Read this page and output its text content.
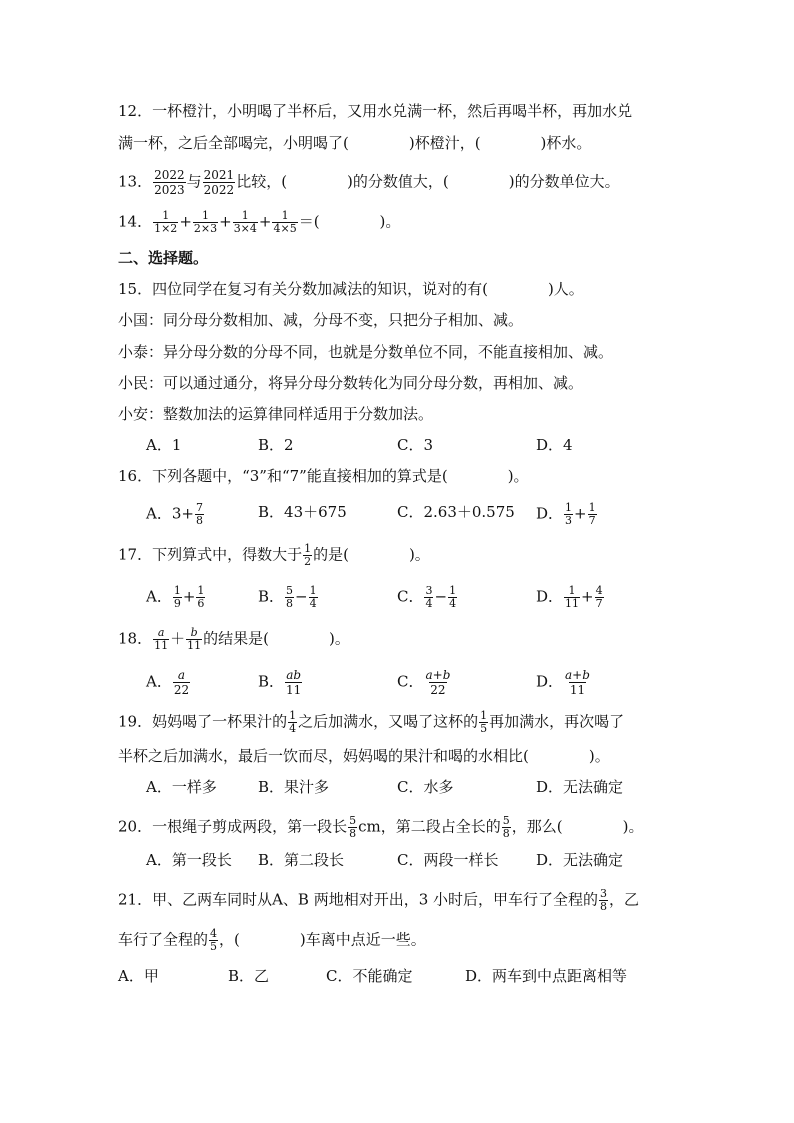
12．一杯橙汁，小明喝了半杯后，又用水兑满一杯，然后再喝半杯，再加水兑
满一杯，之后全部喝完，小明喝了(　　　　)杯橙汁，(　　　　)杯水。
13． $\frac{2022}{2023}$ 与 $\frac{2021}{2022}$ 比较，(　　　　)的分数值大，(　　　　)的分数单位大。
14． $\frac{1}{1\times 2} + \frac{1}{2\times 3} + \frac{1}{3\times 4} + \frac{1}{4\times 5}$ ＝(　　　　)。
二、选择题。
15．四位同学在复习有关分数加减法的知识，说对的有(　　　　)人。
小国：同分母分数相加、减，分母不变，只把分子相加、减。
小泰：异分母分数的分母不同，也就是分数单位不同，不能直接相加、减。
小民：可以通过通分，将异分母分数转化为同分母分数，再相加、减。
小安：整数加法的运算律同样适用于分数加法。
A．1	B．2	C．3	D．4
16．下列各题中，“3”和“7”能直接相加的算式是(　　　　)。
A．$3+ \frac{7}{8}$	B．43＋675	C．2.63＋0.575 D． $\frac{1}{3} + \frac{1}{7}$
17．下列算式中，得数大于 $\frac{1}{2}$ 的是(　　　　)。
A． $\frac{1}{9} + \frac{1}{6}$	B． $\frac{5}{8} - \frac{1}{4}$	C． $\frac{3}{4} - \frac{1}{4}$	D． $\frac{1}{11} + \frac{4}{7}$
18． $\frac{a}{11} + \frac{b}{11}$ 的结果是(　　　　)。
A． $\frac{a}{22}$	B． $\frac{ab}{11}$	C． $\frac{a+b}{22}$	D． $\frac{a+b}{11}$
19．妈妈喝了一杯果汁的 $\frac{1}{4}$ 之后加满水，又喝了这杯的 $\frac{1}{5}$ 再加满水，再次喝了
半杯之后加满水，最后一饮而尽，妈妈喝的果汁和喝的水相比(　　　　)。
A．一样多	B．果汁多	C．水多	D．无法确定
20．一根绳子剪成两段，第一段长 $\frac{5}{8}$ cm，第二段占全长的 $\frac{5}{8}$ ，那么(　　　　)。
A．第一段长 B．第二段长	C．两段一样长	D．无法确定
21．甲、乙两车同时从A、B 两地相对开出，3 小时后，甲车行了全程的 $\frac{3}{8}$ ，乙
车行了全程的 $\frac{4}{5}$ ，(　　　　)车离中点近一些。
A．甲	B．乙	C．不能确定	D．两车到中点距离相等
